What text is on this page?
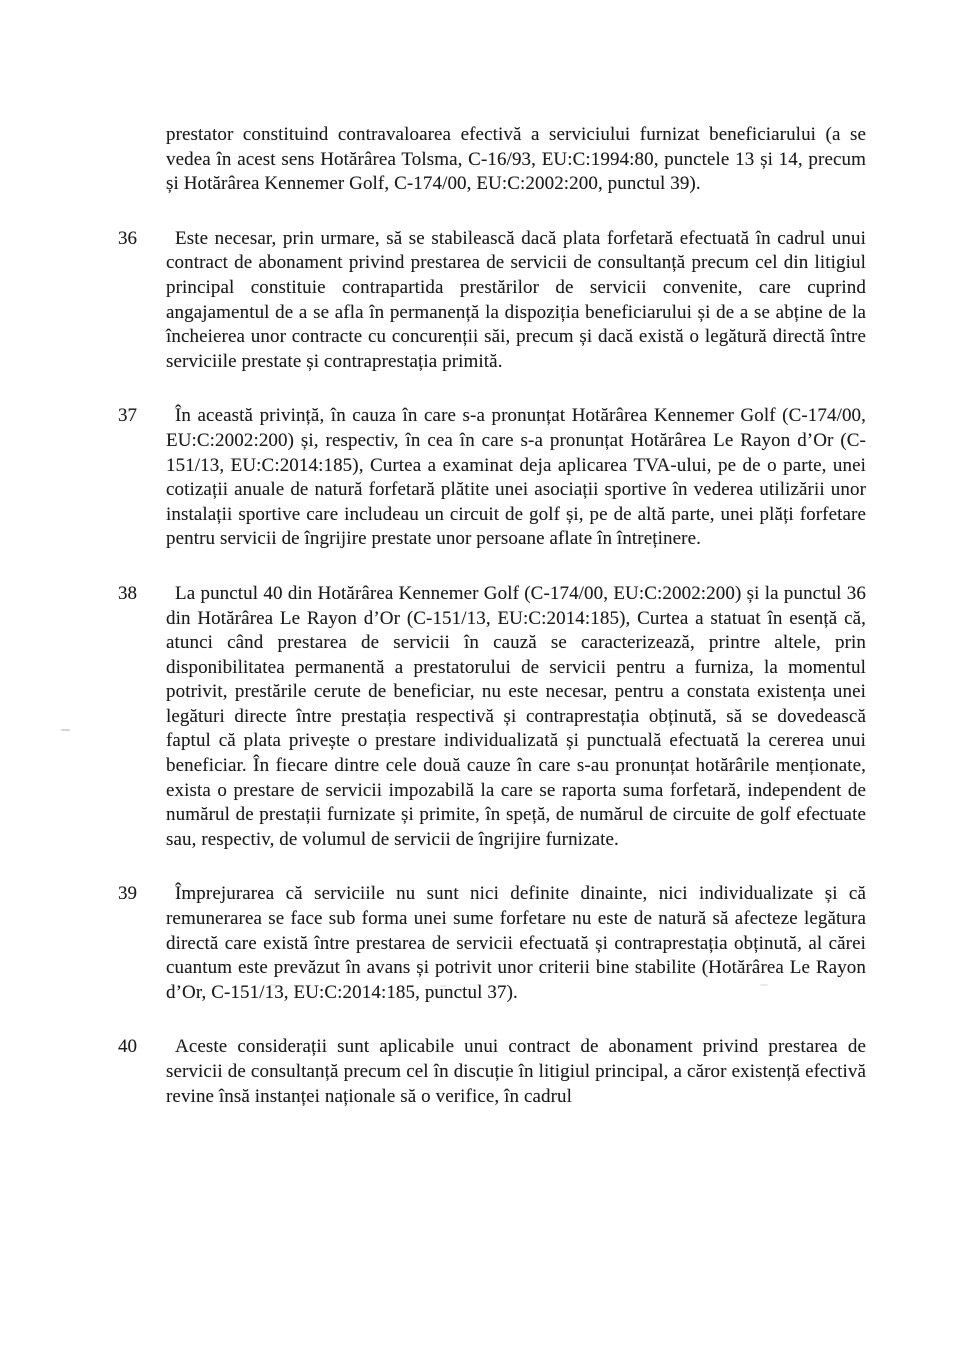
prestator constituind contravaloarea efectivă a serviciului furnizat beneficiarului (a se vedea în acest sens Hotărârea Tolsma, C-16/93, EU:C:1994:80, punctele 13 și 14, precum și Hotărârea Kennemer Golf, C-174/00, EU:C:2002:200, punctul 39).
36	Este necesar, prin urmare, să se stabilească dacă plata forfetară efectuată în cadrul unui contract de abonament privind prestarea de servicii de consultanță precum cel din litigiul principal constituie contrapartida prestărilor de servicii convenite, care cuprind angajamentul de a se afla în permanență la dispoziția beneficiarului și de a se abține de la încheierea unor contracte cu concurenții săi, precum și dacă există o legătură directă între serviciile prestate și contraprestația primită.
37	În această privință, în cauza în care s-a pronunțat Hotărârea Kennemer Golf (C-174/00, EU:C:2002:200) și, respectiv, în cea în care s-a pronunțat Hotărârea Le Rayon d’Or (C-151/13, EU:C:2014:185), Curtea a examinat deja aplicarea TVA-ului, pe de o parte, unei cotizații anuale de natură forfetară plătite unei asociații sportive în vederea utilizării unor instalații sportive care includeau un circuit de golf și, pe de altă parte, unei plăți forfetare pentru servicii de îngrijire prestate unor persoane aflate în întreținere.
38	La punctul 40 din Hotărârea Kennemer Golf (C-174/00, EU:C:2002:200) și la punctul 36 din Hotărârea Le Rayon d’Or (C-151/13, EU:C:2014:185), Curtea a statuat în esență că, atunci când prestarea de servicii în cauză se caracterizează, printre altele, prin disponibilitatea permanentă a prestatorului de servicii pentru a furniza, la momentul potrivit, prestările cerute de beneficiar, nu este necesar, pentru a constata existența unei legături directe între prestația respectivă și contraprestația obținută, să se dovedească faptul că plata privește o prestare individualizată și punctuală efectuată la cererea unui beneficiar. În fiecare dintre cele două cauze în care s-au pronunțat hotărârile menționate, exista o prestare de servicii impozabilă la care se raporta suma forfetară, independent de numărul de prestații furnizate și primite, în speță, de numărul de circuite de golf efectuate sau, respectiv, de volumul de servicii de îngrijire furnizate.
39	Împrejurarea că serviciile nu sunt nici definite dinainte, nici individualizate și că remunerarea se face sub forma unei sume forfetare nu este de natură să afecteze legătura directă care există între prestarea de servicii efectuată și contraprestația obținută, al cărei cuantum este prevăzut în avans și potrivit unor criterii bine stabilite (Hotărârea Le Rayon d’Or, C-151/13, EU:C:2014:185, punctul 37).
40	Aceste considerații sunt aplicabile unui contract de abonament privind prestarea de servicii de consultanță precum cel în discuție în litigiul principal, a căror existență efectivă revine însă instanței naționale să o verifice, în cadrul
